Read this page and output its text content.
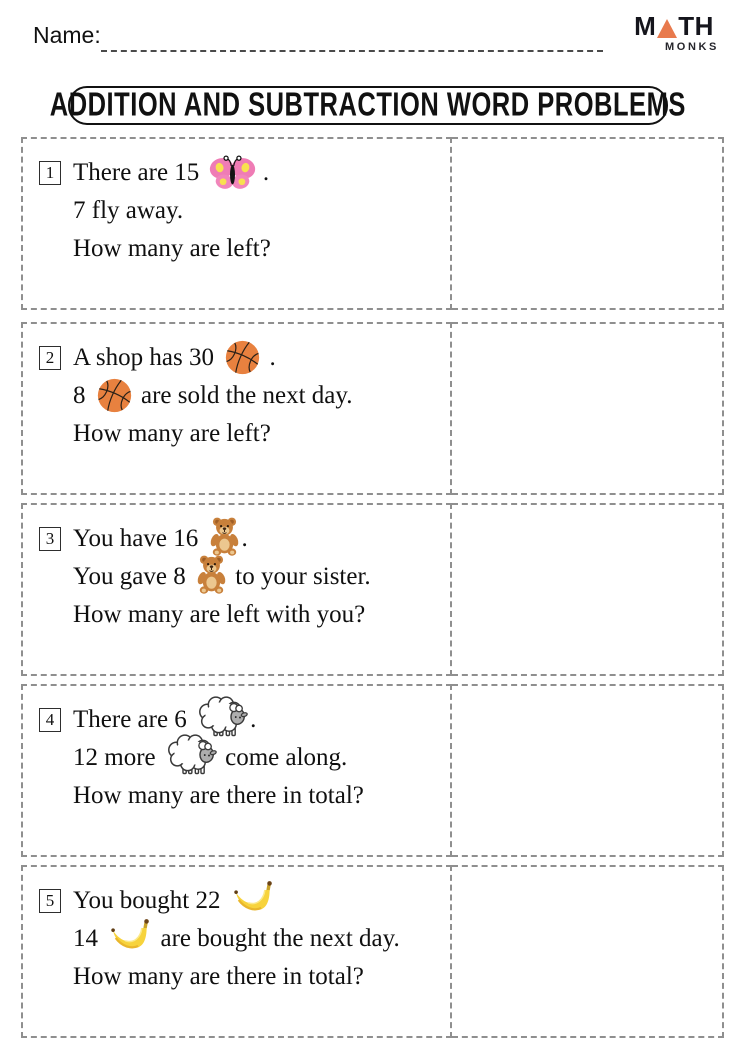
Name:	M TH
MONKS
ADDITION AND SUBTRACTION WORD PROBLEMS
1 There are 15  .
7 fly away.
How many are left?
2 A shop has 30  .
8  are sold the next day.
How many are left?
3 You have 16 .
You gave 8  to your sister.
How many are left with you?
4 There are 6 .
12 more  come along.
How many are there in total?
5 You bought 22
14  are bought the next day.
How many are there in total?
